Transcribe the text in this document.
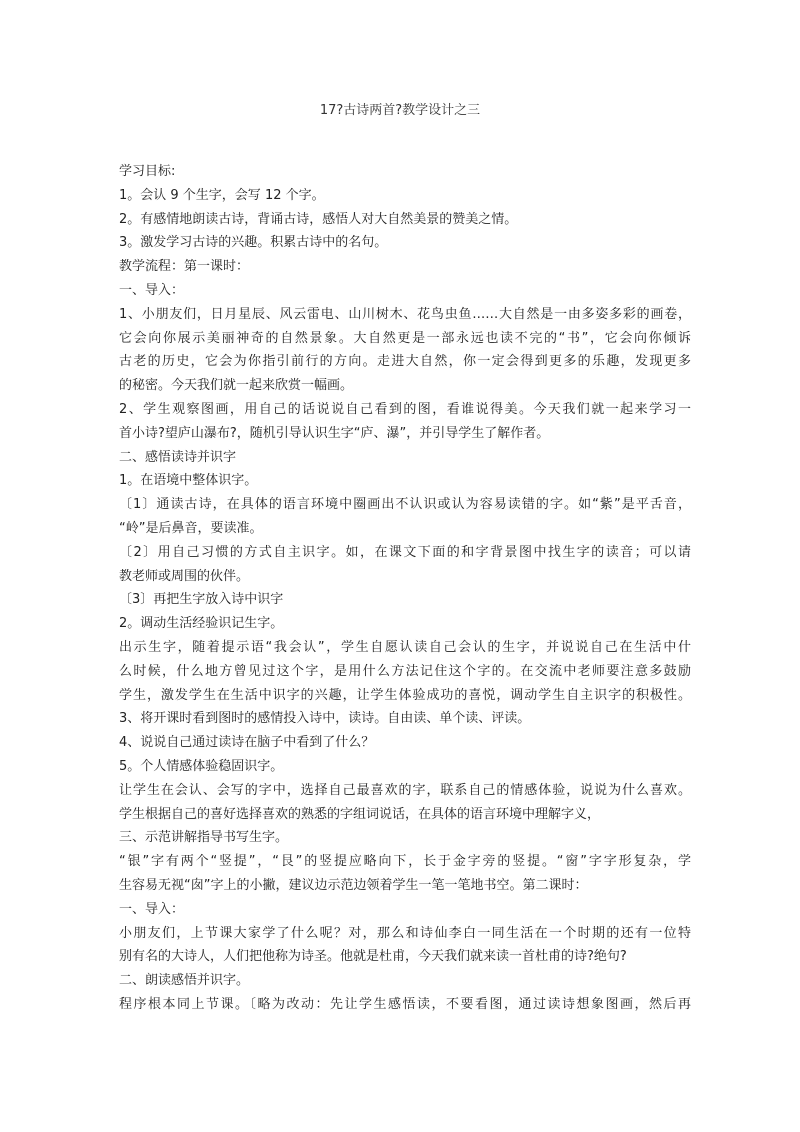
17?古诗两首?教学设计之三
学习目标:
1。会认 9 个生字，会写 12 个字。
2。有感情地朗读古诗，背诵古诗，感悟人对大自然美景的赞美之情。
3。激发学习古诗的兴趣。积累古诗中的名句。
教学流程：第一课时：
一、导入：
1、小朋友们，日月星辰、风云雷电、山川树木、花鸟虫鱼……大自然是一由多姿多彩的画卷，
它会向你展示美丽神奇的自然景象。大自然更是一部永远也读不完的“书”，它会向你倾诉
古老的历史，它会为你指引前行的方向。走进大自然，你一定会得到更多的乐趣，发现更多
的秘密。今天我们就一起来欣赏一幅画。
2、学生观察图画，用自己的话说说自己看到的图，看谁说得美。今天我们就一起来学习一
首小诗?望庐山瀑布?，随机引导认识生字“庐、瀑”，并引导学生了解作者。
二、感悟读诗并识字
1。在语境中整体识字。
〔1〕通读古诗，在具体的语言环境中圈画出不认识或认为容易读错的字。如“紫”是平舌音，
“岭”是后鼻音，要读准。
〔2〕用自己习惯的方式自主识字。如，在课文下面的和字背景图中找生字的读音；可以请
教老师或周围的伙伴。
〔3〕再把生字放入诗中识字
2。调动生活经验识记生字。
出示生字，随着提示语“我会认”，学生自愿认读自己会认的生字，并说说自己在生活中什
么时候，什么地方曾见过这个字，是用什么方法记住这个字的。在交流中老师要注意多鼓励
学生，激发学生在生活中识字的兴趣，让学生体验成功的喜悦，调动学生自主识字的积极性。
3、将开课时看到图时的感情投入诗中，读诗。自由读、单个读、评读。
4、说说自己通过读诗在脑子中看到了什么？
5。个人情感体验稳固识字。
让学生在会认、会写的字中，选择自己最喜欢的字，联系自己的情感体验，说说为什么喜欢。
学生根据自己的喜好选择喜欢的熟悉的字组词说话，在具体的语言环境中理解字义，
三、示范讲解指导书写生字。
“银”字有两个“竖提”，“艮”的竖提应略向下，长于金字旁的竖提。“窗”字字形复杂，学
生容易无视“囱”字上的小撇，建议边示范边领着学生一笔一笔地书空。第二课时：
一、导入：
小朋友们，上节课大家学了什么呢？对，那么和诗仙李白一同生活在一个时期的还有一位特
别有名的大诗人，人们把他称为诗圣。他就是杜甫，今天我们就来读一首杜甫的诗?绝句?
二、朗读感悟并识字。
程序根本同上节课。〔略为改动：先让学生感悟读，不要看图，通过读诗想象图画，然后再
